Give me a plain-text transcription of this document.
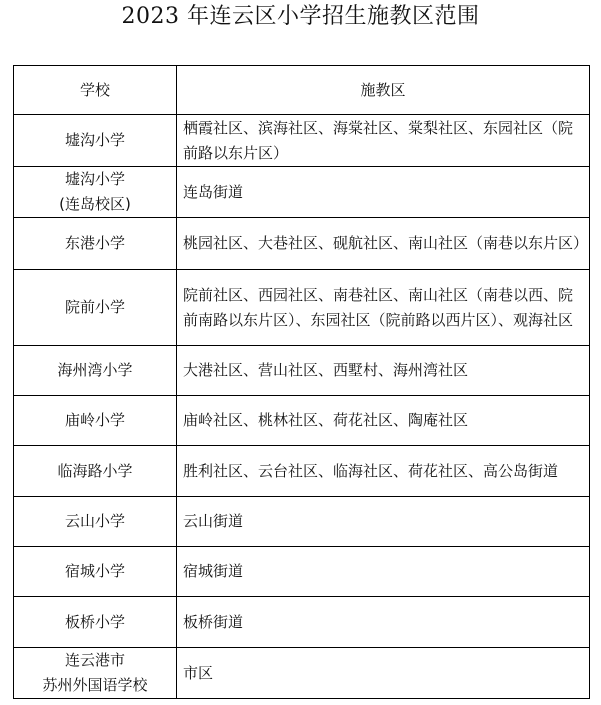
2023 年连云区小学招生施教区范围
学校	施教区

墟沟小学	栖霞社区、滨海社区、海棠社区、棠梨社区、东园社区（院前路以东片区）

墟沟小学
(连岛校区)	连岛街道

东港小学	桃园社区、大巷社区、砚航社区、南山社区（南巷以东片区）

院前小学	院前社区、西园社区、南巷社区、南山社区（南巷以西、院前南路以东片区）、东园社区（院前路以西片区）、观海社区

海州湾小学	大港社区、营山社区、西墅村、海州湾社区

庙岭小学	庙岭社区、桃林社区、荷花社区、陶庵社区

临海路小学	胜利社区、云台社区、临海社区、荷花社区、高公岛街道

云山小学	云山街道

宿城小学	宿城街道

板桥小学	板桥街道

连云港市
苏州外国语学校	市区
